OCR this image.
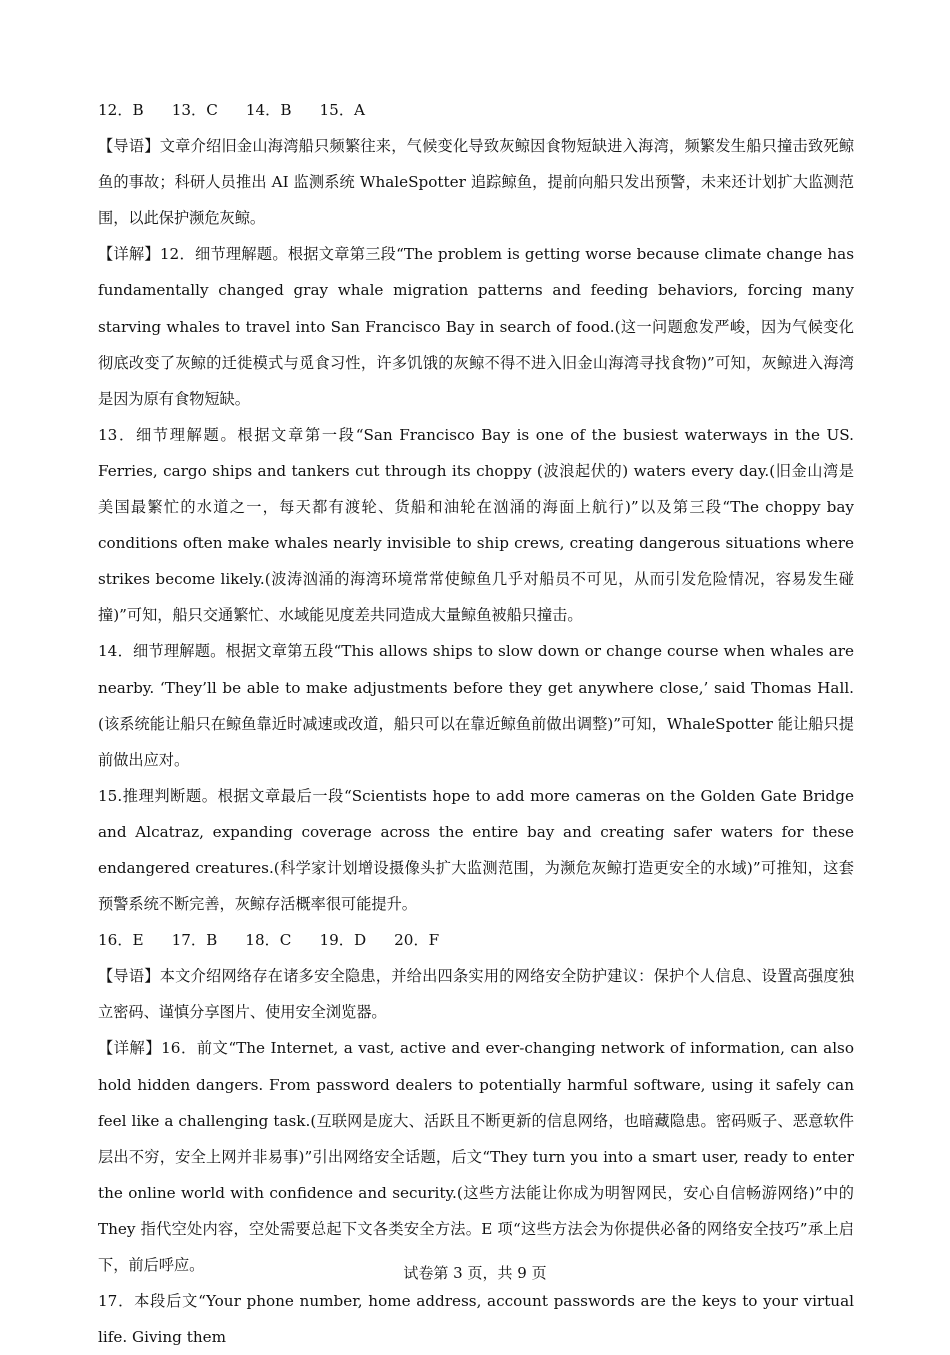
12．B 13．C 14．B 15．A

【导语】文章介绍旧金山海湾船只频繁往来，气候变化导致灰鲸因食物短缺进入海湾，频繁发生船只撞击致死鲸鱼的事故；科研人员推出 AI 监测系统 WhaleSpotter 追踪鲸鱼，提前向船只发出预警，未来还计划扩大监测范围，以此保护濒危灰鲸。

【详解】12．细节理解题。根据文章第三段“The problem is getting worse because climate change has fundamentally changed gray whale migration patterns and feeding behaviors, forcing many starving whales to travel into San Francisco Bay in search of food.(这一问题愈发严峻，因为气候变化彻底改变了灰鲸的迁徙模式与觅食习性，许多饥饿的灰鲸不得不进入旧金山海湾寻找食物)”可知，灰鲸进入海湾是因为原有食物短缺。

13．细节理解题。根据文章第一段“San Francisco Bay is one of the busiest waterways in the US. Ferries, cargo ships and tankers cut through its choppy (波浪起伏的) waters every day.(旧金山湾是美国最繁忙的水道之一，每天都有渡轮、货船和油轮在汹涌的海面上航行)”以及第三段“The choppy bay conditions often make whales nearly invisible to ship crews, creating dangerous situations where strikes become likely.(波涛汹涌的海湾环境常常使鲸鱼几乎对船员不可见，从而引发危险情况，容易发生碰撞)”可知，船只交通繁忙、水域能见度差共同造成大量鲸鱼被船只撞击。

14．细节理解题。根据文章第五段“This allows ships to slow down or change course when whales are nearby. ‘They’ll be able to make adjustments before they get anywhere close,’ said Thomas Hall.(该系统能让船只在鲸鱼靠近时减速或改道，船只可以在靠近鲸鱼前做出调整)”可知，WhaleSpotter 能让船只提前做出应对。

15.推理判断题。根据文章最后一段“Scientists hope to add more cameras on the Golden Gate Bridge and Alcatraz, expanding coverage across the entire bay and creating safer waters for these endangered creatures.(科学家计划增设摄像头扩大监测范围，为濒危灰鲸打造更安全的水域)”可推知，这套预警系统不断完善，灰鲸存活概率很可能提升。

16．E 17．B 18．C 19．D 20．F

【导语】本文介绍网络存在诸多安全隐患，并给出四条实用的网络安全防护建议：保护个人信息、设置高强度独立密码、谨慎分享图片、使用安全浏览器。

【详解】16．前文“The Internet, a vast, active and ever-changing network of information, can also hold hidden dangers. From password dealers to potentially harmful software, using it safely can feel like a challenging task.(互联网是庞大、活跃且不断更新的信息网络，也暗藏隐患。密码贩子、恶意软件层出不穷，安全上网并非易事)”引出网络安全话题，后文“They turn you into a smart user, ready to enter the online world with confidence and security.(这些方法能让你成为明智网民，安心自信畅游网络)”中的 They 指代空处内容，空处需要总起下文各类安全方法。E 项“这些方法会为你提供必备的网络安全技巧”承上启下，前后呼应。

17．本段后文“Your phone number, home address, account passwords are the keys to your virtual life. Giving them

试卷第 3 页，共 9 页
